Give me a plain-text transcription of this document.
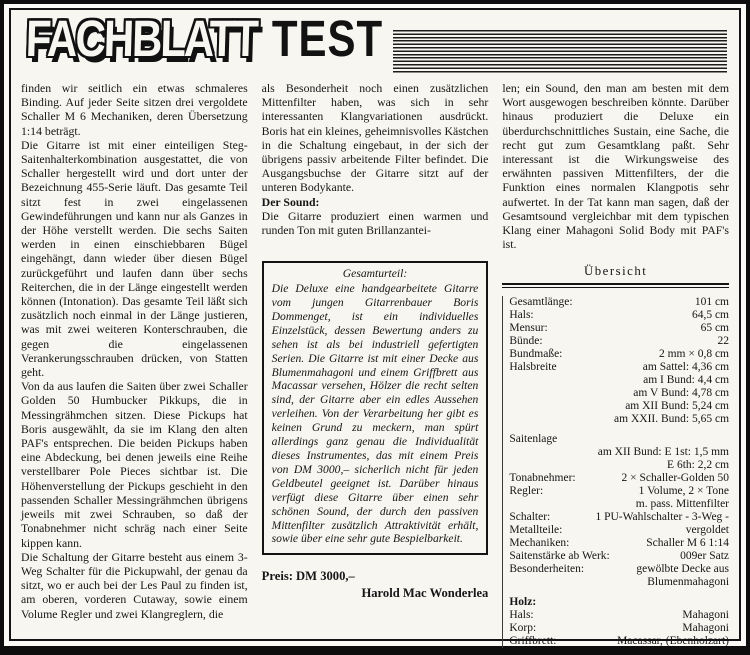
FACHBLATT TEST

finden wir seitlich ein etwas schmaleres Binding. Auf jeder Seite sitzen drei vergoldete Schaller M 6 Mechaniken, deren Übersetzung 1:14 beträgt.

Die Gitarre ist mit einer einteiligen Steg-Saitenhalterkombination ausgestattet, die von Schaller hergestellt wird und dort unter der Bezeichnung 455-Serie läuft. Das gesamte Teil sitzt fest in zwei eingelassenen Gewindeführungen und kann nur als Ganzes in der Höhe verstellt werden. Die sechs Saiten werden in einen einschiebbaren Bügel eingehängt, dann wieder über diesen Bügel zurückgeführt und laufen dann über sechs Reiterchen, die in der Länge eingestellt werden können (Intonation). Das gesamte Teil läßt sich zusätzlich noch einmal in der Länge justieren, was mit zwei weiteren Konterschrauben, die gegen die eingelassenen Verankerungsschrauben drücken, von Statten geht.

Von da aus laufen die Saiten über zwei Schaller Golden 50 Humbucker Pikkups, die in Messingrähmchen sitzen. Diese Pickups hat Boris ausgewählt, da sie im Klang den alten PAF's entsprechen. Die beiden Pickups haben eine Abdeckung, bei denen jeweils eine Reihe verstellbarer Pole Pieces sichtbar ist. Die Höhenverstellung der Pickups geschieht in den passenden Schaller Messingrähmchen übrigens jeweils mit zwei Schrauben, so daß der Tonabnehmer nicht schräg nach einer Seite kippen kann.

Die Schaltung der Gitarre besteht aus einem 3-Weg Schalter für die Pickupwahl, der genau da sitzt, wo er auch bei der Les Paul zu finden ist, am oberen, vorderen Cutaway, sowie einem Volume Regler und zwei Klangreglern, die

als Besonderheit noch einen zusätzlichen Mittenfilter haben, was sich in sehr interessanten Klangvariationen ausdrückt. Boris hat ein kleines, geheimnisvolles Kästchen in die Schaltung eingebaut, in der sich der übrigens passiv arbeitende Filter befindet. Die Ausgangsbuchse der Gitarre sitzt auf der unteren Bodykante.

Der Sound:

Die Gitarre produziert einen warmen und runden Ton mit guten Brillanzantei-

Gesamturteil:
Die Deluxe eine handgearbeitete Gitarre vom jungen Gitarrenbauer Boris Dommenget, ist ein individuelles Einzelstück, dessen Bewertung anders zu sehen ist als bei industriell gefertigten Serien. Die Gitarre ist mit einer Decke aus Blumenmahagoni und einem Griffbrett aus Macassar versehen, Hölzer die recht selten sind, der Gitarre aber ein edles Aussehen verleihen. Von der Verarbeitung her gibt es keinen Grund zu meckern, man spürt allerdings ganz genau die Individualität dieses Instrumentes, das mit einem Preis von DM 3000,– sicherlich nicht für jeden Geldbeutel geeignet ist. Darüber hinaus verfügt diese Gitarre über einen sehr schönen Sound, der durch den passiven Mittenfilter zusätzlich Attraktivität erhält, sowie über eine sehr gute Bespielbarkeit.
Preis: DM 3000,–
Harold Mac Wonderlea

len; ein Sound, den man am besten mit dem Wort ausgewogen beschreiben könnte. Darüber hinaus produziert die Deluxe ein überdurchschnittliches Sustain, eine Sache, die recht gut zum Gesamtklang paßt. Sehr interessant ist die Wirkungsweise des erwähnten passiven Mittenfilters, der die Funktion eines normalen Klangpotis sehr aufwertet. In der Tat kann man sagen, daß der Gesamtsound vergleichbar mit dem typischen Klang einer Mahagoni Solid Body mit PAF's ist.

Übersicht
Gesamtlänge:	101 cm
Hals:	64,5 cm
Mensur:	65 cm
Bünde:	22
Bundmaße:	2 mm × 0,8 cm
Halsbreite	am Sattel: 4,36 cm
am I Bund: 4,4 cm
am V Bund: 4,78 cm
am XII Bund: 5,24 cm
am XXII. Bund: 5,65 cm
Saitenlage
am XII Bund: E 1st: 1,5 mm
E 6th: 2,2 cm
Tonabnehmer:	2 × Schaller-Golden 50
Regler:	1 Volume, 2 × Tone
m. pass. Mittenfilter
Schalter:	1 PU-Wahlschalter - 3-Weg -
Metallteile:	vergoldet
Mechaniken:	Schaller M 6 1:14
Saitenstärke ab Werk:	009er Satz
Besonderheiten:	gewölbte Decke aus
Blumenmahagoni
Holz:
Hals:	Mahagoni
Korp:	Mahagoni
Griffbrett:	Macassar, (Ebenholzart)
